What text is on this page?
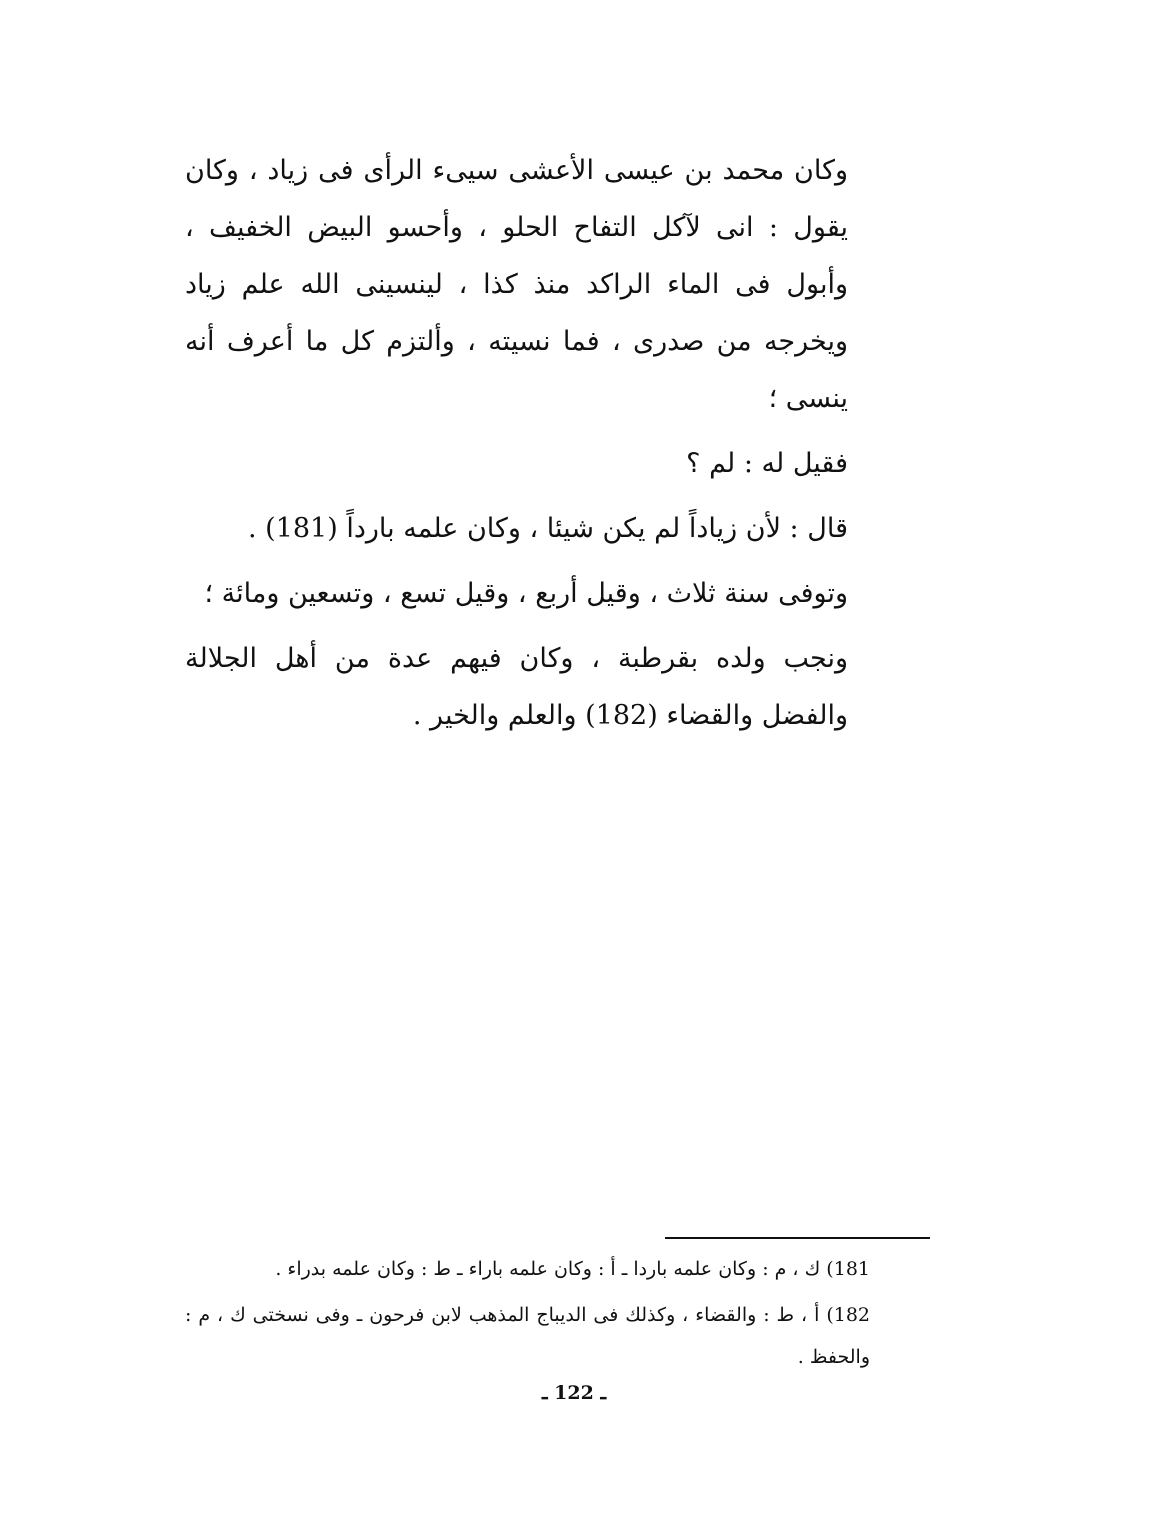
وكان محمد بن عيسى الأعشى سيىء الرأى فى زياد ، وكان يقول : انى لآكل التفاح الحلو ، وأحسو البيض الخفيف ، وأبول فى الماء الراكد منذ كذا ، لينسينى الله علم زياد ويخرجه من صدرى ، فما نسيته ، وألتزم كل ما أعرف أنه ينسى ؛

فقيل له : لم ؟

قال : لأن زياداً لم يكن شيئا ، وكان علمه بارداً (181) .

وتوفى سنة ثلاث ، وقيل أربع ، وقيل تسع ، وتسعين ومائة ؛

ونجب ولده بقرطبة ، وكان فيهم عدة من أهل الجلالة والفضل والقضاء (182) والعلم والخير .

181) ك ، م : وكان علمه باردا ـ أ : وكان علمه باراء ـ ط : وكان علمه بدراء .

182) أ ، ط : والقضاء ، وكذلك فى الديباج المذهب لابن فرحون ـ وفى نسختى ك ، م : والحفظ .

ـ 122 ـ
